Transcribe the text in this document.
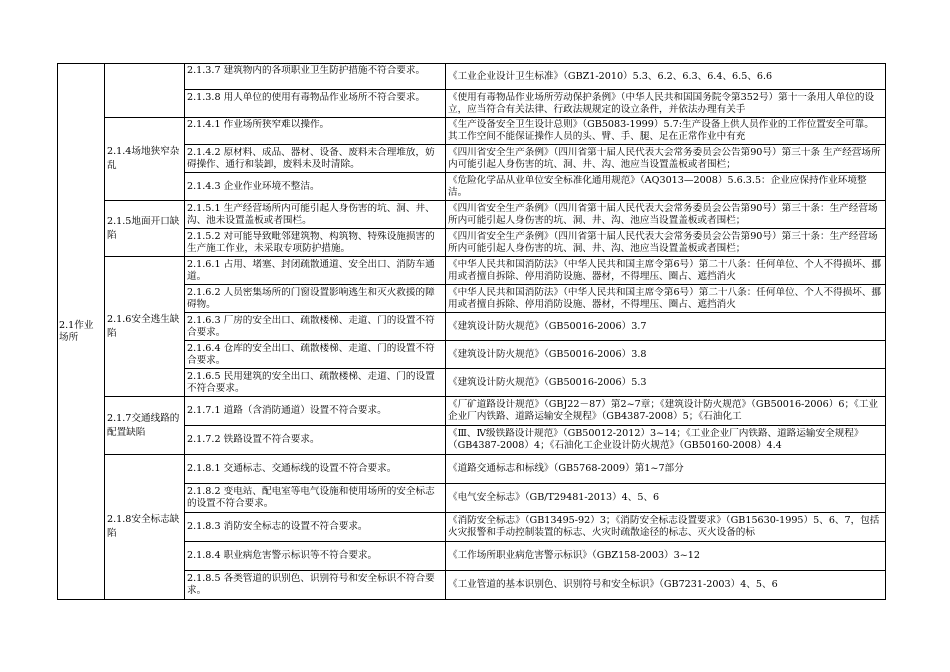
2.1作业场所		2.1.3.7 建筑物内的各项职业卫生防护措施不符合要求。	《工业企业设计卫生标准》（GBZ1-2010）5.3、6.2、6.3、6.4、6.5、6.6

		2.1.3.8 用人单位的使用有毒物品作业场所不符合要求。	《使用有毒物品作业场所劳动保护条例》（中华人民共和国国务院令第352号）第十一条用人单位的设立，应当符合有关法律、行政法规规定的设立条件，并依法办理有关手

	2.1.4场地狭窄杂乱	2.1.4.1 作业场所狭窄难以操作。	《生产设备安全卫生设计总则》（GB5083-1999）5.7:生产设备上供人员作业的工作位置安全可靠。其工作空间不能保证操作人员的头、臂、手、腿、足在正常作业中有充

		2.1.4.2 原材料、成品、器材、设备、废料未合理堆放，妨碍操作、通行和装卸，废料未及时清除。	《四川省安全生产条例》（四川省第十届人民代表大会常务委员会公告第90号）第三十条 生产经营场所内可能引起人身伤害的坑、洞、井、沟、池应当设置盖板或者围栏；

		2.1.4.3 企业作业环境不整洁。	《危险化学品从业单位安全标准化通用规范》（AQ3013—2008）5.6.3.5：企业应保持作业环境整洁。

	2.1.5地面开口缺陷	2.1.5.1 生产经营场所内可能引起人身伤害的坑、洞、井、沟、池未设置盖板或者围栏。	《四川省安全生产条例》（四川省第十届人民代表大会常务委员会公告第90号）第三十条：生产经营场所内可能引起人身伤害的坑、洞、井、沟、池应当设置盖板或者围栏；

		2.1.5.2 对可能导致毗邻建筑物、构筑物、特殊设施损害的生产施工作业，未采取专项防护措施。	《四川省安全生产条例》（四川省第十届人民代表大会常务委员会公告第90号）第三十条：生产经营场所内可能引起人身伤害的坑、洞、井、沟、池应当设置盖板或者围栏；

	2.1.6安全逃生缺陷	2.1.6.1 占用、堵塞、封闭疏散通道、安全出口、消防车通道。	《中华人民共和国消防法》（中华人民共和国主席令第6号）第二十八条：任何单位、个人不得损坏、挪用或者擅自拆除、停用消防设施、器材，不得埋压、圈占、遮挡消火

		2.1.6.2 人员密集场所的门窗设置影响逃生和灭火救援的障碍物。	《中华人民共和国消防法》（中华人民共和国主席令第6号）第二十八条：任何单位、个人不得损坏、挪用或者擅自拆除、停用消防设施、器材，不得埋压、圈占、遮挡消火

		2.1.6.3 厂房的安全出口、疏散楼梯、走道、门的设置不符合要求。	《建筑设计防火规范》（GB50016-2006）3.7

		2.1.6.4 仓库的安全出口、疏散楼梯、走道、门的设置不符合要求。	《建筑设计防火规范》（GB50016-2006）3.8

		2.1.6.5 民用建筑的安全出口、疏散楼梯、走道、门的设置不符合要求。	《建筑设计防火规范》（GB50016-2006）5.3

	2.1.7交通线路的配置缺陷	2.1.7.1 道路（含消防通道）设置不符合要求。	《厂矿道路设计规范》（GBJ22－87）第2~7章；《建筑设计防火规范》（GB50016-2006）6；《工业企业厂内铁路、道路运输安全规程》（GB4387-2008）5；《石油化工

		2.1.7.2 铁路设置不符合要求。	《Ⅲ、Ⅳ级铁路设计规范》（GB50012-2012）3~14；《工业企业厂内铁路、道路运输安全规程》（GB4387-2008）4；《石油化工企业设计防火规范》（GB50160-2008）4.4

	2.1.8安全标志缺陷	2.1.8.1 交通标志、交通标线的设置不符合要求。	《道路交通标志和标线》（GB5768-2009）第1~7部分

		2.1.8.2 变电站、配电室等电气设施和使用场所的安全标志的设置不符合要求。	《电气安全标志》（GB/T29481-2013）4、5、6

		2.1.8.3 消防安全标志的设置不符合要求。	《消防安全标志》（GB13495-92）3；《消防安全标志设置要求》（GB15630-1995）5、6、7，包括火灾报警和手动控制装置的标志、火灾时疏散途径的标志、灭火设备的标

		2.1.8.4 职业病危害警示标识等不符合要求。	《工作场所职业病危害警示标识》（GBZ158-2003）3~12

		2.1.8.5 各类管道的识别色、识别符号和安全标识不符合要求。	《工业管道的基本识别色、识别符号和安全标识》（GB7231-2003）4、5、6
